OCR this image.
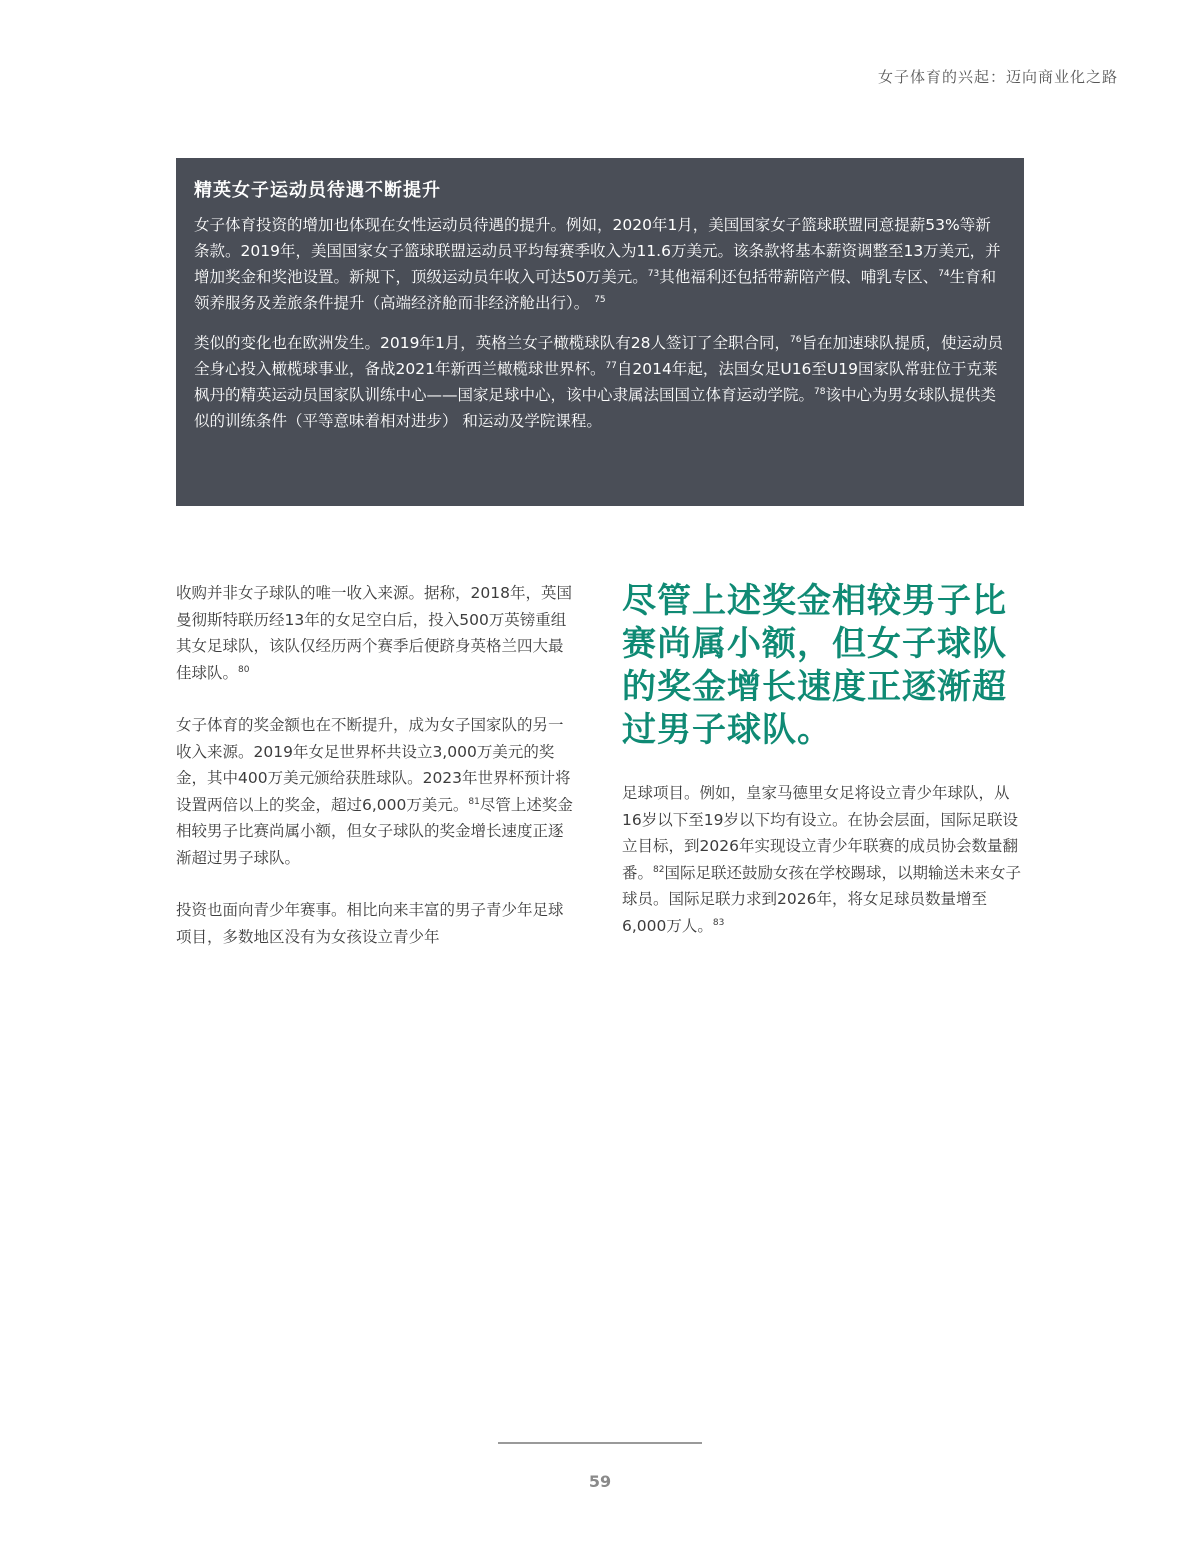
女子体育的兴起：迈向商业化之路
精英女子运动员待遇不断提升

女子体育投资的增加也体现在女性运动员待遇的提升。例如，2020年1月，美国国家女子篮球联盟同意提薪53%等新条款。2019年，美国国家女子篮球联盟运动员平均每赛季收入为11.6万美元。该条款将基本薪资调整至13万美元，并增加奖金和奖池设置。新规下，顶级运动员年收入可达50万美元。$^{73}$其他福利还包括带薪陪产假、哺乳专区、$^{74}$生育和领养服务及差旅条件提升（高端经济舱而非经济舱出行）。 $^{75}$

类似的变化也在欧洲发生。2019年1月，英格兰女子橄榄球队有28人签订了全职合同，$^{76}$旨在加速球队提质，使运动员全身心投入橄榄球事业，备战2021年新西兰橄榄球世界杯。$^{77}$自2014年起，法国女足U16至U19国家队常驻位于克莱枫丹的精英运动员国家队训练中心——国家足球中心，该中心隶属法国国立体育运动学院。$^{78}$该中心为男女球队提供类似的训练条件（平等意味着相对进步） 和运动及学院课程。

收购并非女子球队的唯一收入来源。据称，2018年，英国曼彻斯特联历经13年的女足空白后，投入500万英镑重组其女足球队，该队仅经历两个赛季后便跻身英格兰四大最佳球队。$^{80}$

女子体育的奖金额也在不断提升，成为女子国家队的另一收入来源。2019年女足世界杯共设立3,000万美元的奖金，其中400万美元颁给获胜球队。2023年世界杯预计将设置两倍以上的奖金，超过6,000万美元。$^{81}$尽管上述奖金相较男子比赛尚属小额，但女子球队的奖金增长速度正逐渐超过男子球队。

投资也面向青少年赛事。相比向来丰富的男子青少年足球项目，多数地区没有为女孩设立青少年

尽管上述奖金相较男子比赛尚属小额，但女子球队的奖金增长速度正逐渐超过男子球队。

足球项目。例如，皇家马德里女足将设立青少年球队，从16岁以下至19岁以下均有设立。在协会层面，国际足联设立目标，到2026年实现设立青少年联赛的成员协会数量翻番。$^{82}$国际足联还鼓励女孩在学校踢球，以期输送未来女子球员。国际足联力求到2026年，将女足球员数量增至6,000万人。$^{83}$

59
